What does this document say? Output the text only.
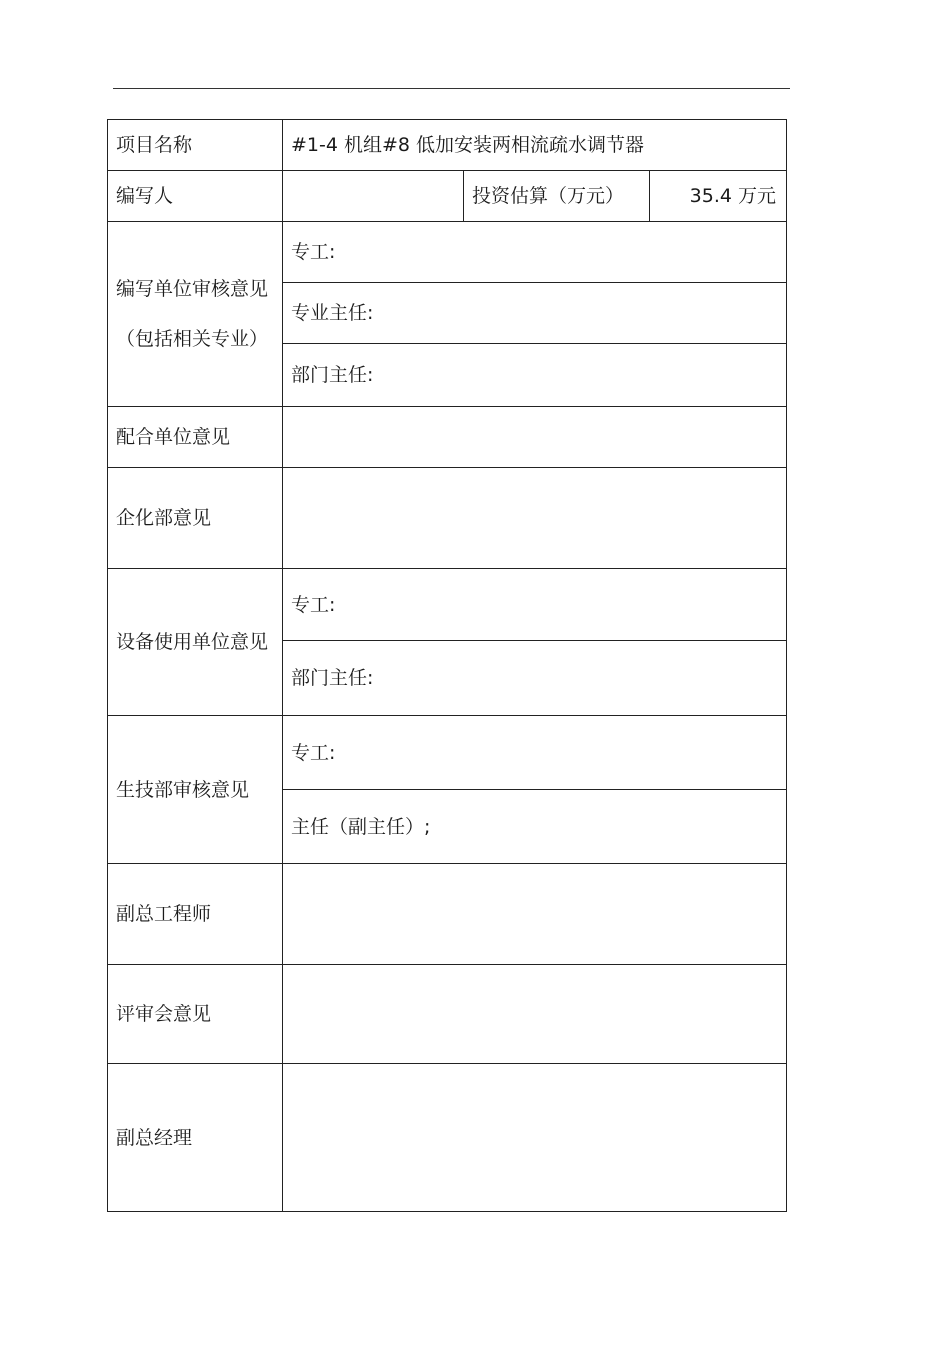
项目名称	#1-4 机组#8 低加安装两相流疏水调节器		
编写人		投资估算（万元）	35.4 万元
编写单位审核意见（包括相关专业）	专工:		
	专业主任:		
	部门主任:		
配合单位意见			
企化部意见			
设备使用单位意见	专工:		
	部门主任:		
生技部审核意见	专工:		
	主任（副主任）;		
副总工程师			
评审会意见			
副总经理			
